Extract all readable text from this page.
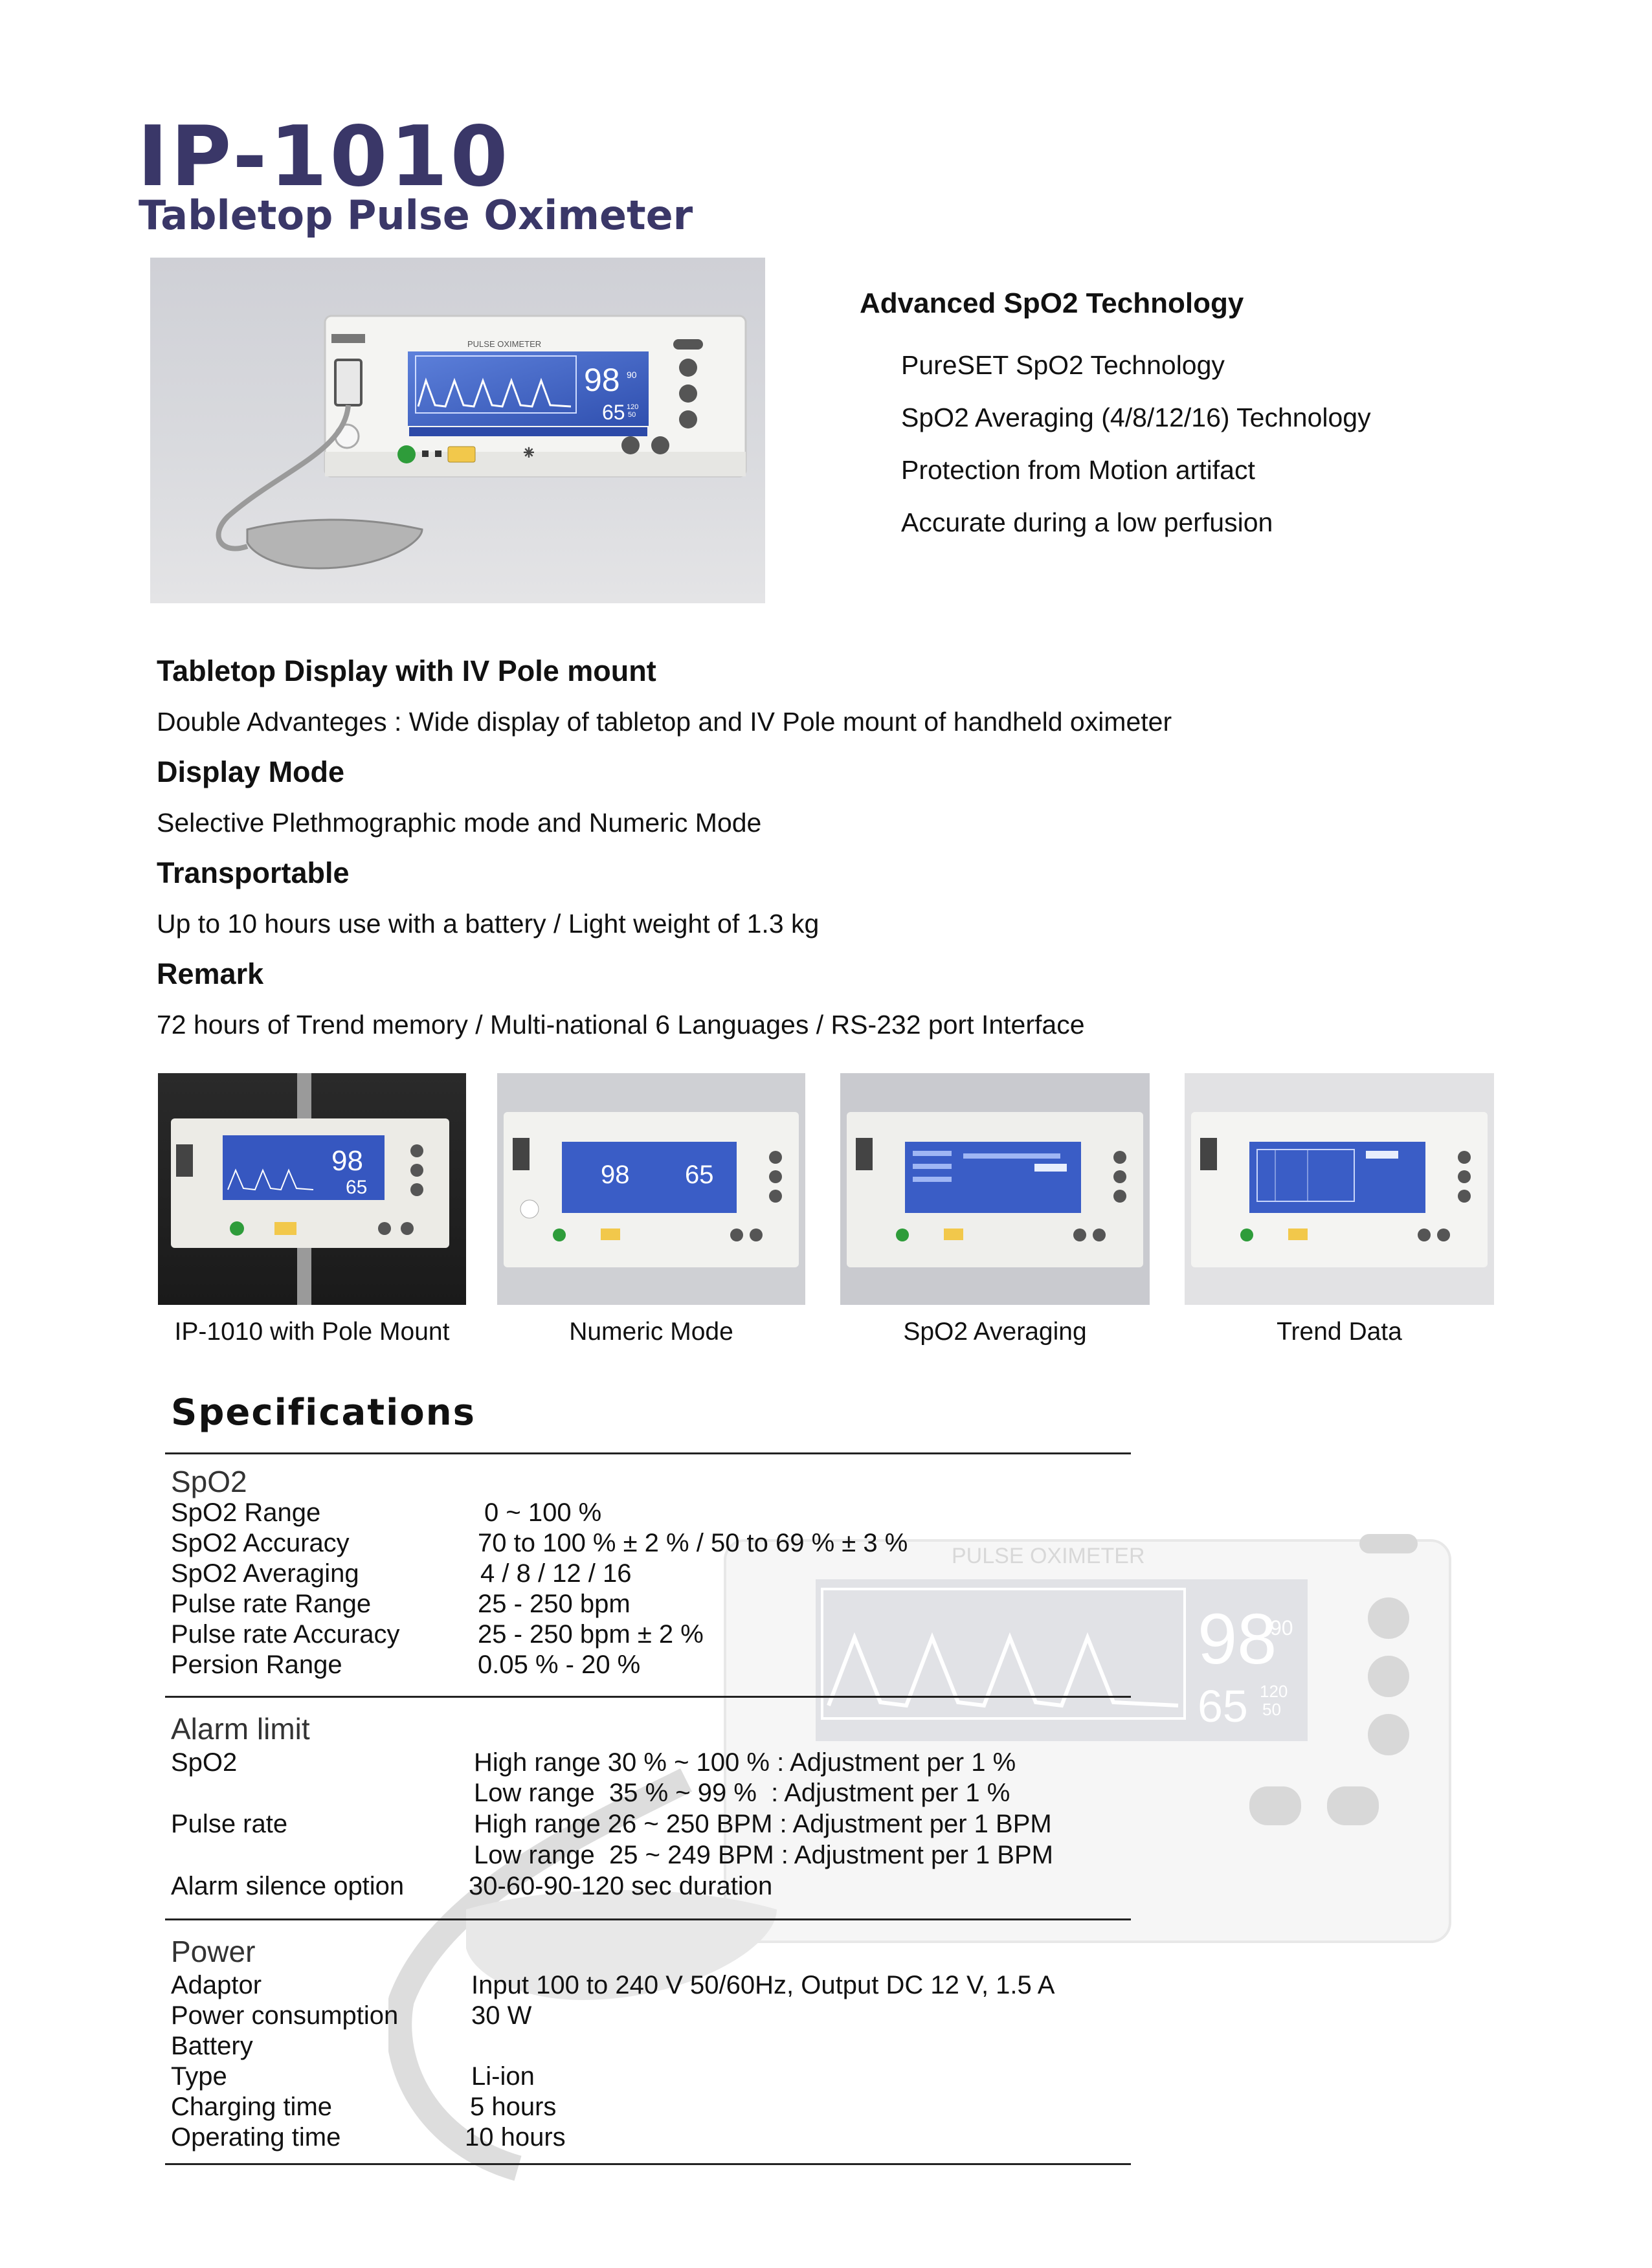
IP-1010
Tabletop Pulse Oximeter
PULSE OXIMETER
98 90
65 120
50
⁕
Advanced SpO2 Technology
PureSET SpO2 Technology
SpO2 Averaging (4/8/12/16) Technology
Protection from Motion artifact
Accurate during a low perfusion
Tabletop Display with IV Pole mount
Double Advanteges : Wide display of tabletop and IV Pole mount of handheld oximeter
Display Mode
Selective Plethmographic mode and Numeric Mode
Transportable
Up to 10 hours use with a battery / Light weight of 1.3 kg
Remark
72 hours of Trend memory / Multi-national 6 Languages / RS-232 port Interface
98
65	98 65
IP-1010 with Pole Mount	Numeric Mode	SpO2 Averaging	Trend Data
PULSE OXIMETER
98
90
65 120
50
Specifications
SpO2
SpO2 Range	0 ~ 100 %
SpO2 Accuracy	70 to 100 % ± 2 % / 50 to 69 % ± 3 %
SpO2 Averaging	4 / 8 / 12 / 16
Pulse rate Range	25 - 250 bpm
Pulse rate Accuracy	25 - 250 bpm ± 2 %
Persion Range	0.05 % - 20 %
Alarm limit
SpO2	High range 30 % ~ 100 % : Adjustment per 1 %
Low range  35 % ~ 99 %  : Adjustment per 1 %
Pulse rate	High range 26 ~ 250 BPM : Adjustment per 1 BPM
Low range  25 ~ 249 BPM : Adjustment per 1 BPM
Alarm silence option 30-60-90-120 sec duration
Power
Adaptor	Input 100 to 240 V 50/60Hz, Output DC 12 V, 1.5 A
Power consumption	30 W
Battery
Type	Li-ion
Charging time	5 hours
Operating time	10 hours
